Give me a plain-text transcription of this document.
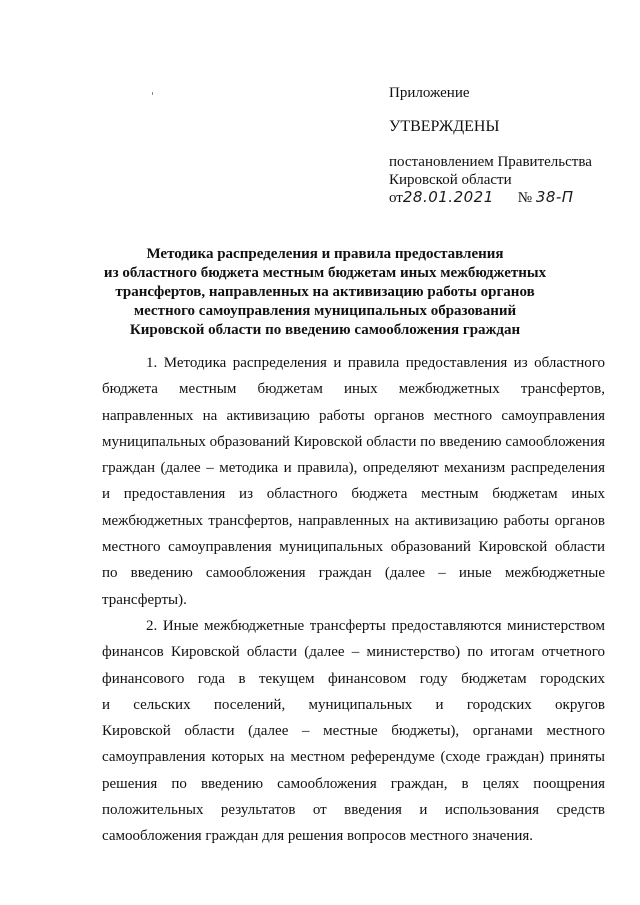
Приложение
УТВЕРЖДЕНЫ
постановлением Правительства
Кировской области
от28.01.2021 № 38-П
Методика распределения и правила предоставления
из областного бюджета местным бюджетам иных межбюджетных
трансфертов, направленных на активизацию работы органов
местного самоуправления муниципальных образований
Кировской области по введению самообложения граждан
1. Методика распределения и правила предоставления из областного
бюджета местным бюджетам иных межбюджетных трансфертов,
направленных на активизацию работы органов местного самоуправления
муниципальных образований Кировской области по введению самообложения
граждан (далее – методика и правила), определяют механизм распределения
и предоставления из областного бюджета местным бюджетам иных
межбюджетных трансфертов, направленных на активизацию работы органов
местного самоуправления муниципальных образований Кировской области
по введению самообложения граждан (далее – иные межбюджетные
трансферты).
2. Иные межбюджетные трансферты предоставляются министерством
финансов Кировской области (далее – министерство) по итогам отчетного
финансового года в текущем финансовом году бюджетам городских
и сельских поселений, муниципальных и городских округов
Кировской области (далее – местные бюджеты), органами местного
самоуправления которых на местном референдуме (сходе граждан) приняты
решения по введению самообложения граждан, в целях поощрения
положительных результатов от введения и использования средств
самообложения граждан для решения вопросов местного значения.
